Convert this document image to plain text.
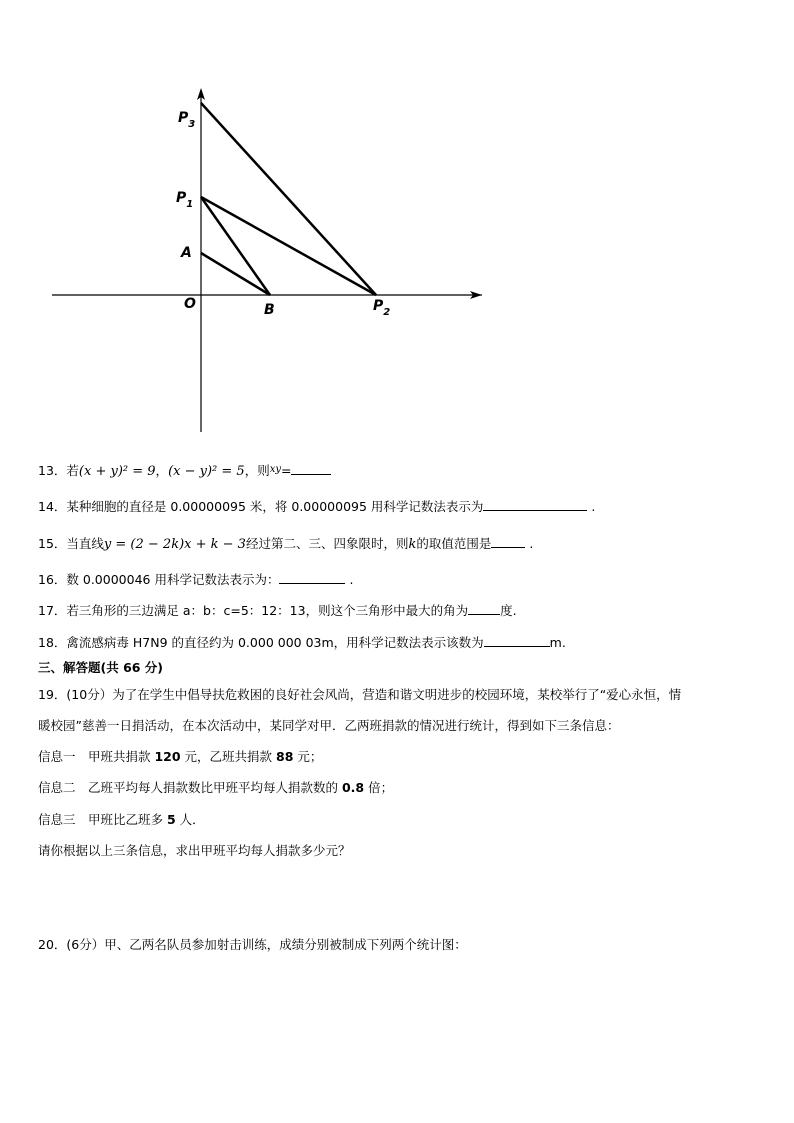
$P_3$
$P_1$
A
O	B	$P_2$
13．若(x + y)² = 9，(x − y)² = 5，则$^{xy}$=
14．某种细胞的直径是 0.00000095 米，将 0.00000095 用科学记数法表示为	.
15．当直线y = (2 − 2k)x + k − 3经过第二、三、四象限时，则k的取值范围是	.
16．数 0.0000046 用科学记数法表示为：	.
17．若三角形的三边满足 a：b：c=5：12：13，则这个三角形中最大的角为	度.
18．禽流感病毒 H7N9 的直径约为 0.000 000 03m，用科学记数法表示该数为	m.
三、解答题(共 66 分)
19．(10分）为了在学生中倡导扶危救困的良好社会风尚，营造和谐文明进步的校园环境，某校举行了“爱心永恒，情
暖校园”慈善一日捐活动，在本次活动中，某同学对甲．乙两班捐款的情况进行统计，得到如下三条信息：
信息一　甲班共捐款 120 元，乙班共捐款 88 元；
信息二　乙班平均每人捐款数比甲班平均每人捐款数的 0.8 倍；
信息三　甲班比乙班多 5 人．
请你根据以上三条信息，求出甲班平均每人捐款多少元？
20．(6分）甲、乙两名队员参加射击训练，成绩分别被制成下列两个统计图：
